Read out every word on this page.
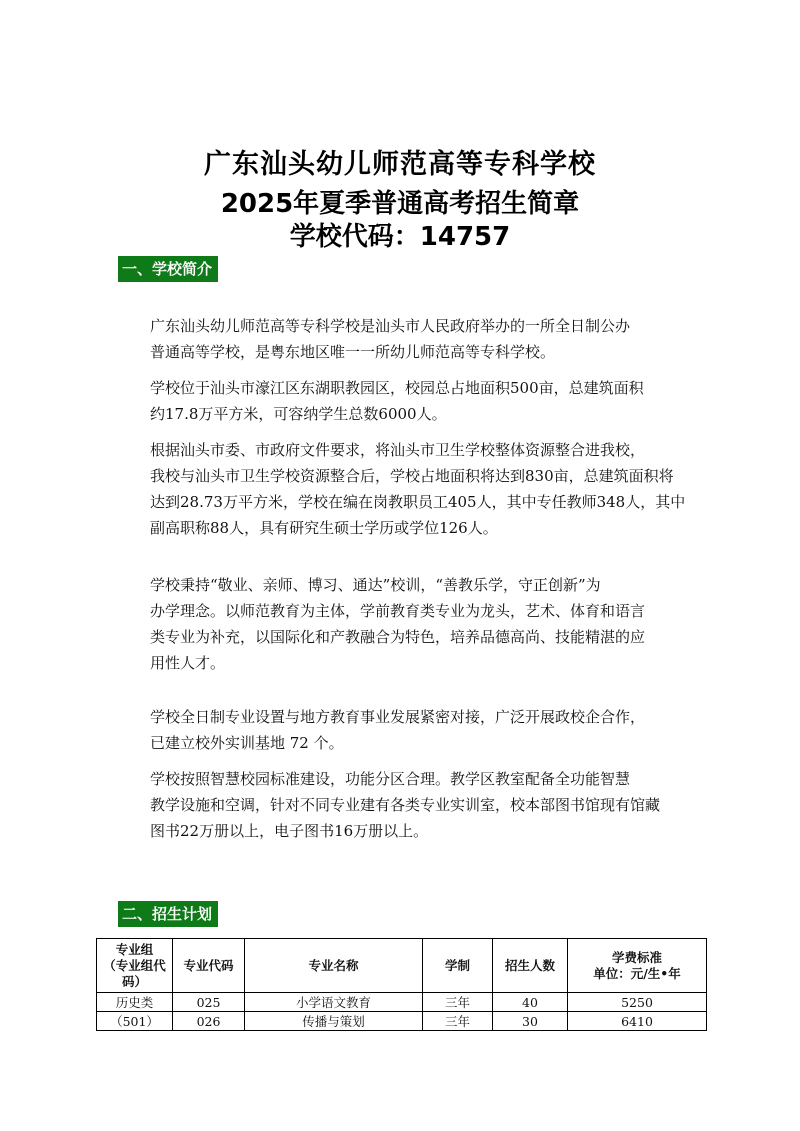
广东汕头幼儿师范高等专科学校
2025年夏季普通高考招生简章
学校代码：14757
一、学校简介

广东汕头幼儿师范高等专科学校是汕头市人民政府举办的一所全日制公办
普通高等学校，是粤东地区唯一一所幼儿师范高等专科学校。

学校位于汕头市濠江区东湖职教园区，校园总占地面积500亩，总建筑面积
约17.8万平方米，可容纳学生总数6000人。

根据汕头市委、市政府文件要求，将汕头市卫生学校整体资源整合进我校，
我校与汕头市卫生学校资源整合后，学校占地面积将达到830亩，总建筑面积将
达到28.73万平方米，学校在编在岗教职员工405人，其中专任教师348人，其中
副高职称88人，具有研究生硕士学历或学位126人。

学校秉持“敬业、亲师、博习、通达”校训，“善教乐学，守正创新”为
办学理念。以师范教育为主体，学前教育类专业为龙头，艺术、体育和语言
类专业为补充，以国际化和产教融合为特色，培养品德高尚、技能精湛的应
用性人才。

学校全日制专业设置与地方教育事业发展紧密对接，广泛开展政校企合作，
已建立校外实训基地 72 个。

学校按照智慧校园标准建设，功能分区合理。教学区教室配备全功能智慧
教学设施和空调，针对不同专业建有各类专业实训室，校本部图书馆现有馆藏
图书22万册以上，电子图书16万册以上。

二、招生计划
专业组
（专业组代
码）	专业代码	专业名称	学制	招生人数	学费标准
单位：元/生•年

历史类	025	小学语文教育	三年	40	5250
（501）	026	传播与策划	三年	30	6410
